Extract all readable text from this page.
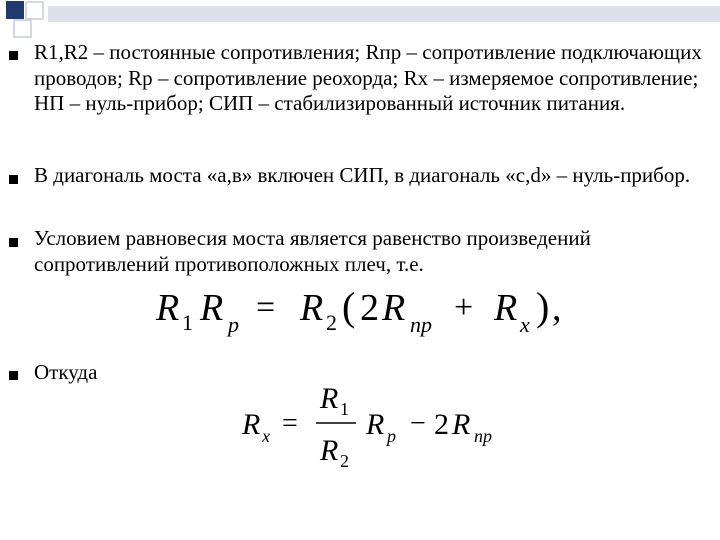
R1,R2 – постоянные сопротивления; Rпр – сопротивление подключающих проводов; Rр – сопротивление реохорда; Rх – измеряемое сопротивление; НП – нуль-прибор; СИП – стабилизированный источник питания.
В диагональ моста «а,в» включен СИП, в диагональ «с,d» – нуль-прибор.
Условием равновесия моста является равенство произведений сопротивлений противоположных плеч, т.е.
R 1 R p = R 2 ( 2 R пр + R x ) ,
Откуда
R x =
R 1
R 2
R p − 2 R пр
